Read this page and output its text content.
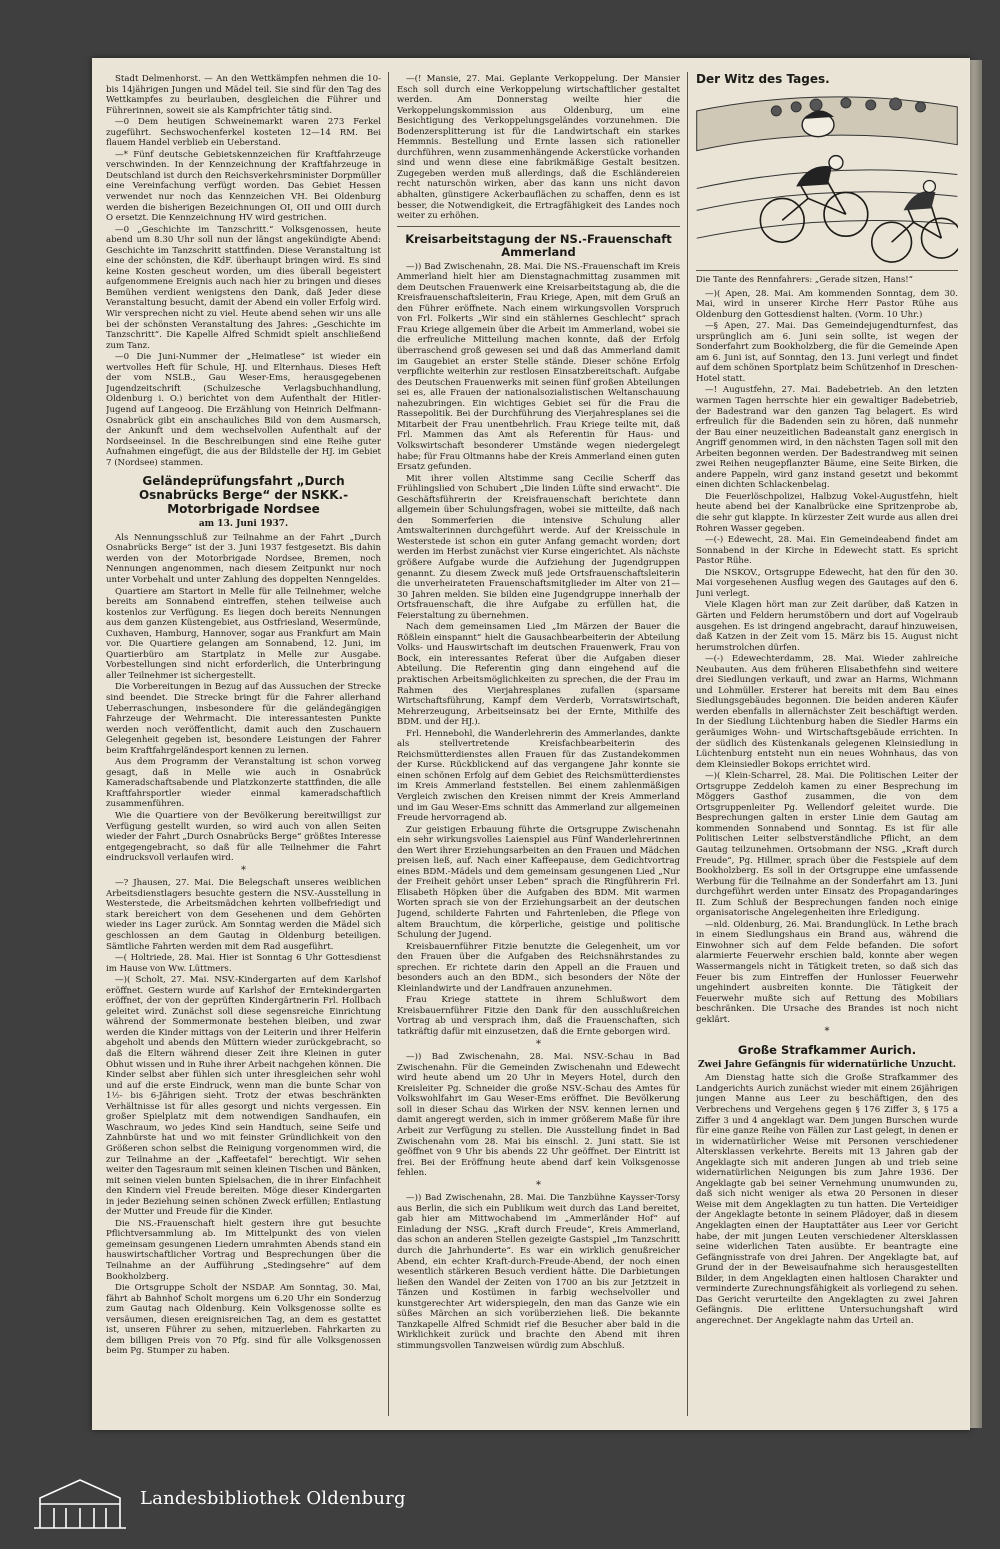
Stadt Delmenhorst. — An den Wettkämpfen nehmen die 10- bis 14jährigen Jungen und Mädel teil. Sie sind für den Tag des Wettkampfes zu beurlauben, desgleichen die Führer und Führerinnen, soweit sie als Kampfrichter tätig sind.

—0 Dem heutigen Schweinemarkt waren 273 Ferkel zugeführt. Sechswochenferkel kosteten 12—14 RM. Bei flauem Handel verblieb ein Ueberstand.

—* Fünf deutsche Gebietskennzeichen für Kraftfahrzeuge verschwinden. In der Kennzeichnung der Kraftfahrzeuge in Deutschland ist durch den Reichsverkehrsminister Dorpmüller eine Vereinfachung verfügt worden. Das Gebiet Hessen verwendet nur noch das Kennzeichen VH. Bei Oldenburg werden die bisherigen Bezeichnungen OI, OII und OIII durch O ersetzt. Die Kennzeichnung HV wird gestrichen.

—0 „Geschichte im Tanzschritt.“ Volksgenossen, heute abend um 8.30 Uhr soll nun der längst angekündigte Abend: Geschichte im Tanzschritt stattfinden. Diese Veranstaltung ist eine der schönsten, die KdF. überhaupt bringen wird. Es sind keine Kosten gescheut worden, um dies überall begeistert aufgenommene Ereignis auch nach hier zu bringen und dieses Bemühen verdient wenigstens den Dank, daß Jeder diese Veranstaltung besucht, damit der Abend ein voller Erfolg wird. Wir versprechen nicht zu viel. Heute abend sehen wir uns alle bei der schönsten Veranstaltung des Jahres: „Geschichte im Tanzschritt“. Die Kapelle Alfred Schmidt spielt anschließend zum Tanz.

—0 Die Juni-Nummer der „Heimatlese“ ist wieder ein wertvolles Heft für Schule, HJ. und Elternhaus. Dieses Heft der vom NSLB., Gau Weser-Ems, herausgegebenen Jugendzeitschrift (Schulzesche Verlagsbuchhandlung, Oldenburg i. O.) berichtet von dem Aufenthalt der Hitler-Jugend auf Langeoog. Die Erzählung von Heinrich Delfmann-Osnabrück gibt ein anschauliches Bild von dem Ausmarsch, der Ankunft und dem wechselvollen Aufenthalt auf der Nordseeinsel. In die Beschreibungen sind eine Reihe guter Aufnahmen eingefügt, die aus der Bildstelle der HJ. im Gebiet 7 (Nordsee) stammen.

Geländeprüfungsfahrt „Durch Osnabrücks Berge“ der NSKK.-Motorbrigade Nordsee
am 13. Juni 1937.

Als Nennungsschluß zur Teilnahme an der Fahrt „Durch Osnabrücks Berge“ ist der 3. Juni 1937 festgesetzt. Bis dahin werden von der Motorbrigade Nordsee, Bremen, noch Nennungen angenommen, nach diesem Zeitpunkt nur noch unter Vorbehalt und unter Zahlung des doppelten Nenngeldes.

Quartiere am Startort in Melle für alle Teilnehmer, welche bereits am Sonnabend eintreffen, stehen teilweise auch kostenlos zur Verfügung. Es liegen doch bereits Nennungen aus dem ganzen Küstengebiet, aus Ostfriesland, Wesermünde, Cuxhaven, Hamburg, Hannover, sogar aus Frankfurt am Main vor. Die Quartiere gelangen am Sonnabend, 12. Juni, im Quartierbüro am Startplatz in Melle zur Ausgabe. Vorbestellungen sind nicht erforderlich, die Unterbringung aller Teilnehmer ist sichergestellt.

Die Vorbereitungen in Bezug auf das Aussuchen der Strecke sind beendet. Die Strecke bringt für die Fahrer allerhand Ueberraschungen, insbesondere für die geländegängigen Fahrzeuge der Wehrmacht. Die interessantesten Punkte werden noch veröffentlicht, damit auch den Zuschauern Gelegenheit gegeben ist, besondere Leistungen der Fahrer beim Kraftfahrgeländesport kennen zu lernen.

Aus dem Programm der Veranstaltung ist schon vorweg gesagt, daß in Melle wie auch in Osnabrück Kameradschaftsabende und Platzkonzerte stattfinden, die alle Kraftfahrsportler wieder einmal kameradschaftlich zusammenführen.

Wie die Quartiere von der Bevölkerung bereitwilligst zur Verfügung gestellt wurden, so wird auch von allen Seiten wieder der Fahrt „Durch Osnabrücks Berge“ größtes Interesse entgegengebracht, so daß für alle Teilnehmer die Fahrt eindrucksvoll verlaufen wird.

*

—? Jhausen, 27. Mai. Die Belegschaft unseres weiblichen Arbeitsdienstlagers besuchte gestern die NSV.-Ausstellung in Westerstede, die Arbeitsmädchen kehrten vollbefriedigt und stark bereichert von dem Gesehenen und dem Gehörten wieder ins Lager zurück. Am Sonntag werden die Mädel sich geschlossen an dem Gautag in Oldenburg beteiligen. Sämtliche Fahrten werden mit dem Rad ausgeführt.

—( Holtriede, 28. Mai. Hier ist Sonntag 6 Uhr Gottesdienst im Hause von Ww. Lüttmers.

—)( Scholt, 27. Mai. NSV.-Kindergarten auf dem Karlshof eröffnet. Gestern wurde auf Karlshof der Erntekindergarten eröffnet, der von der geprüften Kindergärtnerin Frl. Hollbach geleitet wird. Zunächst soll diese segensreiche Einrichtung während der Sommermonate bestehen bleiben, und zwar werden die Kinder mittags von der Leiterin und ihrer Helferin abgeholt und abends den Müttern wieder zurückgebracht, so daß die Eltern während dieser Zeit ihre Kleinen in guter Obhut wissen und in Ruhe ihrer Arbeit nachgehen können. Die Kinder selbst aber fühlen sich unter ihresgleichen sehr wohl und auf die erste Eindruck, wenn man die bunte Schar von 1½- bis 6-Jährigen sieht. Trotz der etwas beschränkten Verhältnisse ist für alles gesorgt und nichts vergessen. Ein großer Spielplatz mit dem notwendigen Sandhaufen, ein Waschraum, wo jedes Kind sein Handtuch, seine Seife und Zahnbürste hat und wo mit feinster Gründlichkeit von den Größeren schon selbst die Reinigung vorgenommen wird, die zur Teilnahme an der „Kaffeetafel“ berechtigt. Wir sehen weiter den Tagesraum mit seinen kleinen Tischen und Bänken, mit seinen vielen bunten Spielsachen, die in ihrer Einfachheit den Kindern viel Freude bereiten. Möge dieser Kindergarten in jeder Beziehung seinen schönen Zweck erfüllen; Entlastung der Mutter und Freude für die Kinder.

Die NS.-Frauenschaft hielt gestern ihre gut besuchte Pflichtversammlung ab. Im Mittelpunkt des von vielen gemeinsam gesungenen Liedern umrahmten Abends stand ein hauswirtschaftlicher Vortrag und Besprechungen über die Teilnahme an der Aufführung „Stedingsehre“ auf dem Bookholzberg.

Die Ortsgruppe Scholt der NSDAP. Am Sonntag, 30. Mai, fährt ab Bahnhof Scholt morgens um 6.20 Uhr ein Sonderzug zum Gautag nach Oldenburg. Kein Volksgenosse sollte es versäumen, diesen ereignisreichen Tag, an dem es gestattet ist, unseren Führer zu sehen, mitzuerleben. Fahrkarten zu dem billigen Preis von 70 Pfg. sind für alle Volksgenossen beim Pg. Stumper zu haben.

—(! Mansie, 27. Mai. Geplante Verkoppelung. Der Mansier Esch soll durch eine Verkoppelung wirtschaftlicher gestaltet werden. Am Donnerstag weilte hier die Verkoppelungskommission aus Oldenburg, um eine Besichtigung des Verkoppelungsgeländes vorzunehmen. Die Bodenzersplitterung ist für die Landwirtschaft ein starkes Hemmnis. Bestellung und Ernte lassen sich rationeller durchführen, wenn zusammenhängende Ackerstücke vorhanden sind und wenn diese eine fabrikmäßige Gestalt besitzen. Zugegeben werden muß allerdings, daß die Eschländereien recht naturschön wirken, aber das kann uns nicht davon abhalten, günstigere Ackerbauflächen zu schaffen, denn es ist besser, die Notwendigkeit, die Ertragfähigkeit des Landes noch weiter zu erhöhen.

Kreisarbeitstagung der NS.-Frauenschaft Ammerland

—)) Bad Zwischenahn, 28. Mai. Die NS.-Frauenschaft im Kreis Ammerland hielt hier am Dienstagnachmittag zusammen mit dem Deutschen Frauenwerk eine Kreisarbeitstagung ab, die die Kreisfrauenschaftsleiterin, Frau Kriege, Apen, mit dem Gruß an den Führer eröffnete. Nach einem wirkungsvollen Vorspruch von Frl. Folkerts „Wir sind ein stählernes Geschlecht“ sprach Frau Kriege allgemein über die Arbeit im Ammerland, wobei sie die erfreuliche Mitteilung machen konnte, daß der Erfolg überraschend groß gewesen sei und daß das Ammerland damit im Gaugebiet an erster Stelle stände. Dieser schöne Erfolg verpflichte weiterhin zur restlosen Einsatzbereitschaft. Aufgabe des Deutschen Frauenwerks mit seinen fünf großen Abteilungen sei es, alle Frauen der nationalsozialistischen Weltanschauung nahezubringen. Ein wichtiges Gebiet sei für die Frau die Rassepolitik. Bei der Durchführung des Vierjahresplanes sei die Mitarbeit der Frau unentbehrlich. Frau Kriege teilte mit, daß Frl. Mammen das Amt als Referentin für Haus- und Volkswirtschaft besonderer Umstände wegen niedergelegt habe; für Frau Oltmanns habe der Kreis Ammerland einen guten Ersatz gefunden.

Mit ihrer vollen Altstimme sang Cecilie Scherff das Frühlingslied von Schubert „Die linden Lüfte sind erwacht“. Die Geschäftsführerin der Kreisfrauenschaft berichtete dann allgemein über Schulungsfragen, wobei sie mitteilte, daß nach den Sommerferien die intensive Schulung aller Amtswalterinnen durchgeführt werde. Auf der Kreisschule in Westerstede ist schon ein guter Anfang gemacht worden; dort werden im Herbst zunächst vier Kurse eingerichtet. Als nächste größere Aufgabe wurde die Aufziehung der Jugendgruppen genannt. Zu diesem Zweck muß jede Ortsfrauenschaftsleiterin die unverheirateten Frauenschaftsmitglieder im Alter von 21—30 Jahren melden. Sie bilden eine Jugendgruppe innerhalb der Ortsfrauenschaft, die ihre Aufgabe zu erfüllen hat, die Feierstaltung zu übernehmen.

Nach dem gemeinsamen Lied „Im Märzen der Bauer die Rößlein einspannt“ hielt die Gausachbearbeiterin der Abteilung Volks- und Hauswirtschaft im deutschen Frauenwerk, Frau von Bock, ein interessantes Referat über die Aufgaben dieser Abteilung. Die Referentin ging dann eingehend auf die praktischen Arbeitsmöglichkeiten zu sprechen, die der Frau im Rahmen des Vierjahresplanes zufallen (sparsame Wirtschaftsführung, Kampf dem Verderb, Vorratswirtschaft, Mehrerzeugung, Arbeitseinsatz bei der Ernte, Mithilfe des BDM. und der HJ.).

Frl. Hennebohl, die Wanderlehrerin des Ammerlandes, dankte als stellvertretende Kreisfachbearbeiterin des Reichsmütterdienstes allen Frauen für das Zustandekommen der Kurse. Rückblickend auf das vergangene Jahr konnte sie einen schönen Erfolg auf dem Gebiet des Reichsmütterdienstes im Kreis Ammerland feststellen. Bei einem zahlenmäßigen Vergleich zwischen den Kreisen nimmt der Kreis Ammerland und im Gau Weser-Ems schnitt das Ammerland zur allgemeinen Freude hervorragend ab.

Zur geistigen Erbauung führte die Ortsgruppe Zwischenahn ein sehr wirkungsvolles Laienspiel aus Fünf Wanderlehrerinnen den Wert ihrer Erziehungsarbeiten an den Frauen und Mädchen preisen ließ, auf. Nach einer Kaffeepause, dem Gedichtvortrag eines BDM.-Mädels und dem gemeinsam gesungenen Lied „Nur der Freiheit gehört unser Leben“ sprach die Ringführerin Frl. Elisabeth Höpken über die Aufgaben des BDM. Mit warmen Worten sprach sie von der Erziehungsarbeit an der deutschen Jugend, schilderte Fahrten und Fahrtenleben, die Pflege von altem Brauchtum, die körperliche, geistige und politische Schulung der Jugend.

Kreisbauernführer Fitzie benutzte die Gelegenheit, um vor den Frauen über die Aufgaben des Reichsnährstandes zu sprechen. Er richtete darin den Appell an die Frauen und besonders auch an den BDM., sich besonders der Nöte der Kleinlandwirte und der Landfrauen anzunehmen.

Frau Kriege stattete in ihrem Schlußwort dem Kreisbauernführer Fitzie den Dank für den ausschlußreichen Vortrag ab und versprach ihm, daß die Frauenschaften, sich tatkräftig dafür mit einzusetzen, daß die Ernte geborgen wird.

*

—)) Bad Zwischenahn, 28. Mai. NSV.-Schau in Bad Zwischenahn. Für die Gemeinden Zwischenahn und Edewecht wird heute abend um 20 Uhr in Meyers Hotel, durch den Kreisleiter Pg. Schneider die große NSV.-Schau des Amtes für Volkswohlfahrt im Gau Weser-Ems eröffnet. Die Bevölkerung soll in dieser Schau das Wirken der NSV. kennen lernen und damit angeregt werden, sich in immer größerem Maße für ihre Arbeit zur Verfügung zu stellen. Die Ausstellung findet in Bad Zwischenahn vom 28. Mai bis einschl. 2. Juni statt. Sie ist geöffnet von 9 Uhr bis abends 22 Uhr geöffnet. Der Eintritt ist frei. Bei der Eröffnung heute abend darf kein Volksgenosse fehlen.

*

—)) Bad Zwischenahn, 28. Mai. Die Tanzbühne Kaysser-Torsy aus Berlin, die sich ein Publikum weit durch das Land bereitet, gab hier am Mittwochabend im „Ammerländer Hof“ auf Einladung der NSG. „Kraft durch Freude“, Kreis Ammerland, das schon an anderen Stellen gezeigte Gastspiel „Im Tanzschritt durch die Jahrhunderte“. Es war ein wirklich genußreicher Abend, ein echter Kraft-durch-Freude-Abend, der noch einen wesentlich stärkeren Besuch verdient hätte. Die Darbietungen ließen den Wandel der Zeiten von 1700 an bis zur Jetztzeit in Tänzen und Kostümen in farbig wechselvoller und kunstgerechter Art widerspiegeln, den man das Ganze wie ein süßes Märchen an sich vorüberziehen ließ. Die bekannte Tanzkapelle Alfred Schmidt rief die Besucher aber bald in die Wirklichkeit zurück und brachte den Abend mit ihren stimmungsvollen Tanzweisen würdig zum Abschluß.

Der Witz des Tages.
Die Tante des Rennfahrers: „Gerade sitzen, Hans!“

—)( Apen, 28. Mai. Am kommenden Sonntag, dem 30. Mai, wird in unserer Kirche Herr Pastor Rühe aus Oldenburg den Gottesdienst halten. (Vorm. 10 Uhr.)

—§ Apen, 27. Mai. Das Gemeindejugendturnfest, das ursprünglich am 6. Juni sein sollte, ist wegen der Sonderfahrt zum Bookholzberg, die für die Gemeinde Apen am 6. Juni ist, auf Sonntag, den 13. Juni verlegt und findet auf dem schönen Sportplatz beim Schützenhof in Dreschen-Hotel statt.

—! Augustfehn, 27. Mai. Badebetrieb. An den letzten warmen Tagen herrschte hier ein gewaltiger Badebetrieb, der Badestrand war den ganzen Tag belagert. Es wird erfreulich für die Badenden sein zu hören, daß nunmehr der Bau einer neuzeitlichen Badeanstalt ganz energisch in Angriff genommen wird, in den nächsten Tagen soll mit den Arbeiten begonnen werden. Der Badestrandweg mit seinen zwei Reihen neugepflanzter Bäume, eine Seite Birken, die andere Pappeln, wird ganz instand gesetzt und bekommt einen dichten Schlackenbelag.

Die Feuerlöschpolizei, Halbzug Vokel-Augustfehn, hielt heute abend bei der Kanalbrücke eine Spritzenprobe ab, die sehr gut klappte. In kürzester Zeit wurde aus allen drei Rohren Wasser gegeben.

—(-) Edewecht, 28. Mai. Ein Gemeindeabend findet am Sonnabend in der Kirche in Edewecht statt. Es spricht Pastor Rühe.

Die NSKOV., Ortsgruppe Edewecht, hat den für den 30. Mai vorgesehenen Ausflug wegen des Gautages auf den 6. Juni verlegt.

Viele Klagen hört man zur Zeit darüber, daß Katzen in Gärten und Feldern herumstöbern und dort auf Vogelraub ausgehen. Es ist dringend angebracht, darauf hinzuweisen, daß Katzen in der Zeit vom 15. März bis 15. August nicht herumstrolchen dürfen.

—(-) Edewechterdamm, 28. Mai. Wieder zahlreiche Neubauten. Aus dem früheren Elisabethfehn sind weitere drei Siedlungen verkauft, und zwar an Harms, Wichmann und Lohmüller. Ersterer hat bereits mit dem Bau eines Siedlungsgebäudes begonnen. Die beiden anderen Käufer werden ebenfalls in allernächster Zeit beschäftigt werden. In der Siedlung Lüchtenburg haben die Siedler Harms ein geräumiges Wohn- und Wirtschaftsgebäude errichten. In der südlich des Küstenkanals gelegenen Kleinsiedlung in Lüchtenburg entsteht nun ein neues Wohnhaus, das von dem Kleinsiedler Bokops errichtet wird.

—)( Klein-Scharrel, 28. Mai. Die Politischen Leiter der Ortsgruppe Zeddeloh kamen zu einer Besprechung im Möggers Gasthof zusammen, die von dem Ortsgruppenleiter Pg. Wellendorf geleitet wurde. Die Besprechungen galten in erster Linie dem Gautag am kommenden Sonnabend und Sonntag. Es ist für alle Politischen Leiter selbstverständliche Pflicht, an dem Gautag teilzunehmen. Ortsobmann der NSG. „Kraft durch Freude“, Pg. Hillmer, sprach über die Festspiele auf dem Bookholzberg. Es soll in der Ortsgruppe eine umfassende Werbung für die Teilnahme an der Sonderfahrt am 13. Juni durchgeführt werden unter Einsatz des Propagandaringes II. Zum Schluß der Besprechungen fanden noch einige organisatorische Angelegenheiten ihre Erledigung.

—nld. Oldenburg, 26. Mai. Brandunglück. In Lethe brach in einem Siedlungshaus ein Brand aus, während die Einwohner sich auf dem Felde befanden. Die sofort alarmierte Feuerwehr erschien bald, konnte aber wegen Wassermangels nicht in Tätigkeit treten, so daß sich das Feuer bis zum Eintreffen der Hunlosser Feuerwehr ungehindert ausbreiten konnte. Die Tätigkeit der Feuerwehr mußte sich auf Rettung des Mobiliars beschränken. Die Ursache des Brandes ist noch nicht geklärt.

*
Große Strafkammer Aurich.
Zwei Jahre Gefängnis für widernatürliche Unzucht.

Am Dienstag hatte sich die Große Strafkammer des Landgerichts Aurich zunächst wieder mit einem 26jährigen jungen Manne aus Leer zu beschäftigen, den des Verbrechens und Vergehens gegen § 176 Ziffer 3, § 175 a Ziffer 3 und 4 angeklagt war. Dem jungen Burschen wurde für eine ganze Reihe von Fällen zur Last gelegt, in denen er in widernatürlicher Weise mit Personen verschiedener Altersklassen verkehrte. Bereits mit 13 Jahren gab der Angeklagte sich mit anderen Jungen ab und trieb seine widernatürlichen Neigungen bis zum Jahre 1936. Der Angeklagte gab bei seiner Vernehmung unumwunden zu, daß sich nicht weniger als etwa 20 Personen in dieser Weise mit dem Angeklagten zu tun hatten. Die Verteidiger der Angeklagte betonte in seinem Plädoyer, daß in diesem Angeklagten einen der Hauptattäter aus Leer vor Gericht habe, der mit jungen Leuten verschiedener Altersklassen seine widerlichen Taten ausübte. Er beantragte eine Gefängnisstrafe von drei Jahren. Der Angeklagte bat, auf Grund der in der Beweisaufnahme sich herausgestellten Bilder, in dem Angeklagten einen haltlosen Charakter und verminderte Zurechnungsfähigkeit als vorliegend zu sehen. Das Gericht verurteilte den Angeklagten zu zwei Jahren Gefängnis. Die erlittene Untersuchungshaft wird angerechnet. Der Angeklagte nahm das Urteil an.

Landesbibliothek Oldenburg
